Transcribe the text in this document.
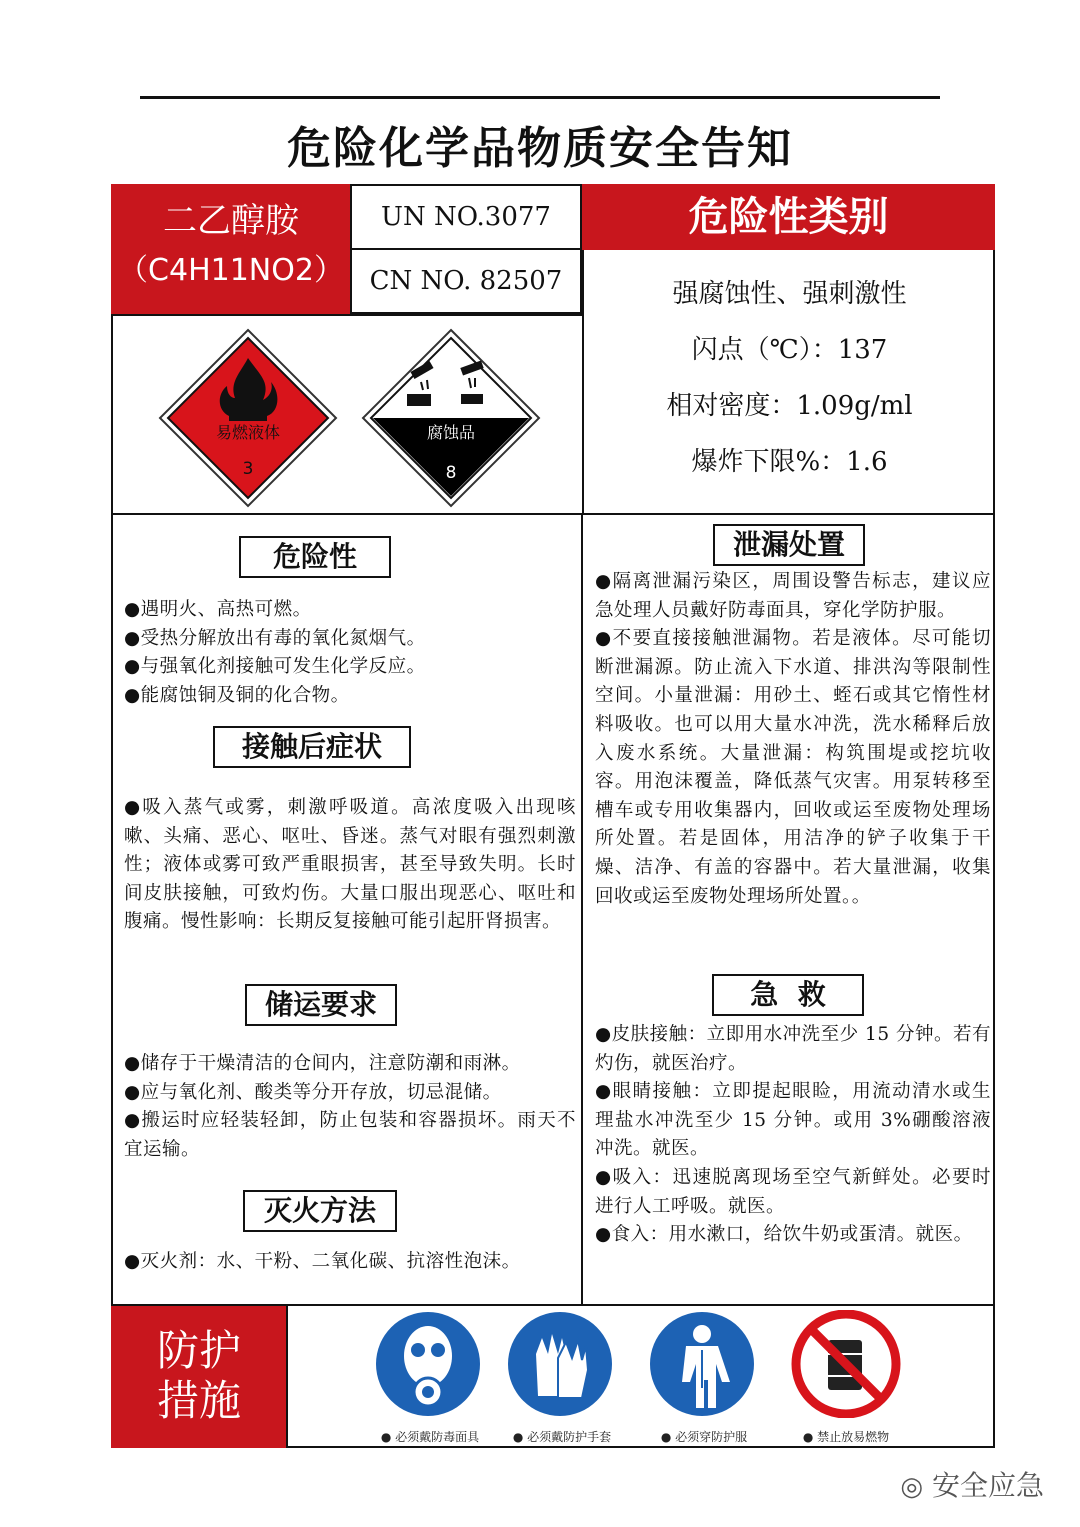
危险化学品物质安全告知
二乙醇胺
（C4H11NO2）
UN NO.3077
CN NO. 82507
危险性类别
强腐蚀性、强刺激性
闪点（℃）：137
相对密度：1.09g/ml
爆炸下限%：1.6
易燃液体
3
腐蚀品
8
危险性

●遇明火、高热可燃。

●受热分解放出有毒的氧化氮烟气。

●与强氧化剂接触可发生化学反应。

●能腐蚀铜及铜的化合物。

接触后症状

●吸入蒸气或雾，刺激呼吸道。高浓度吸入出现咳嗽、头痛、恶心、呕吐、昏迷。蒸气对眼有强烈刺激性；液体或雾可致严重眼损害，甚至导致失明。长时间皮肤接触，可致灼伤。大量口服出现恶心、呕吐和腹痛。慢性影响：长期反复接触可能引起肝肾损害。

储运要求

●储存于干燥清洁的仓间内，注意防潮和雨淋。

●应与氧化剂、酸类等分开存放，切忌混储。

●搬运时应轻装轻卸，防止包装和容器损坏。雨天不宜运输。

灭火方法

●灭火剂：水、干粉、二氧化碳、抗溶性泡沫。

泄漏处置

●隔离泄漏污染区，周围设警告标志，建议应急处理人员戴好防毒面具，穿化学防护服。

●不要直接接触泄漏物。若是液体。尽可能切断泄漏源。防止流入下水道、排洪沟等限制性空间。小量泄漏：用砂土、蛭石或其它惰性材料吸收。也可以用大量水冲洗，洗水稀释后放入废水系统。大量泄漏：构筑围堤或挖坑收容。用泡沫覆盖，降低蒸气灾害。用泵转移至槽车或专用收集器内，回收或运至废物处理场所处置。若是固体，用洁净的铲子收集于干燥、洁净、有盖的容器中。若大量泄漏，收集回收或运至废物处理场所处置。。

急  救

●皮肤接触：立即用水冲洗至少 15 分钟。若有灼伤，就医治疗。

●眼睛接触：立即提起眼睑，用流动清水或生理盐水冲洗至少 15 分钟。或用 3%硼酸溶液冲洗。就医。

●吸入：迅速脱离现场至空气新鲜处。必要时进行人工呼吸。就医。

●食入：用水漱口，给饮牛奶或蛋清。就医。

防护
措施
● 必须戴防毒面具	● 必须戴防护手套	● 必须穿防护服	● 禁止放易燃物
◎ 安全应急
